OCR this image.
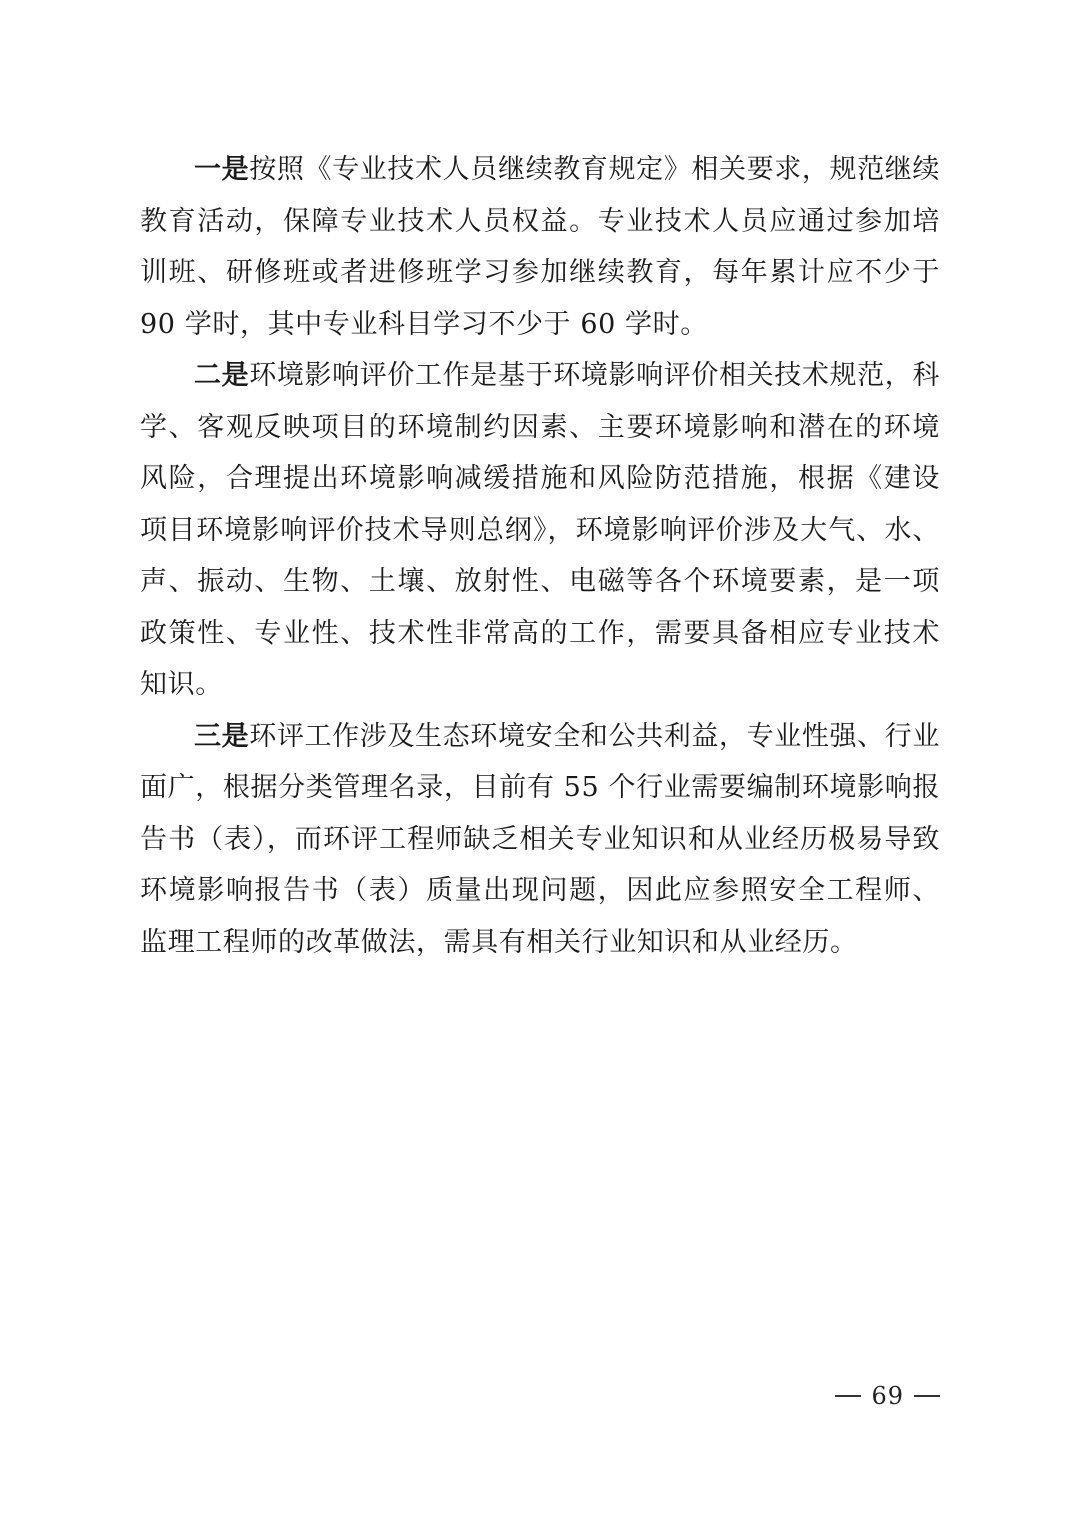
一是按照《专业技术人员继续教育规定》相关要求，规范继续教育活动，保障专业技术人员权益。专业技术人员应通过参加培训班、研修班或者进修班学习参加继续教育，每年累计应不少于 90 学时，其中专业科目学习不少于 60 学时。

二是环境影响评价工作是基于环境影响评价相关技术规范，科学、客观反映项目的环境制约因素、主要环境影响和潜在的环境风险，合理提出环境影响减缓措施和风险防范措施，根据《建设项目环境影响评价技术导则总纲》，环境影响评价涉及大气、水、声、振动、生物、土壤、放射性、电磁等各个环境要素，是一项政策性、专业性、技术性非常高的工作，需要具备相应专业技术知识。

三是环评工作涉及生态环境安全和公共利益，专业性强、行业面广，根据分类管理名录，目前有 55 个行业需要编制环境影响报告书（表），而环评工程师缺乏相关专业知识和从业经历极易导致环境影响报告书（表）质量出现问题，因此应参照安全工程师、监理工程师的改革做法，需具有相关行业知识和从业经历。

69
